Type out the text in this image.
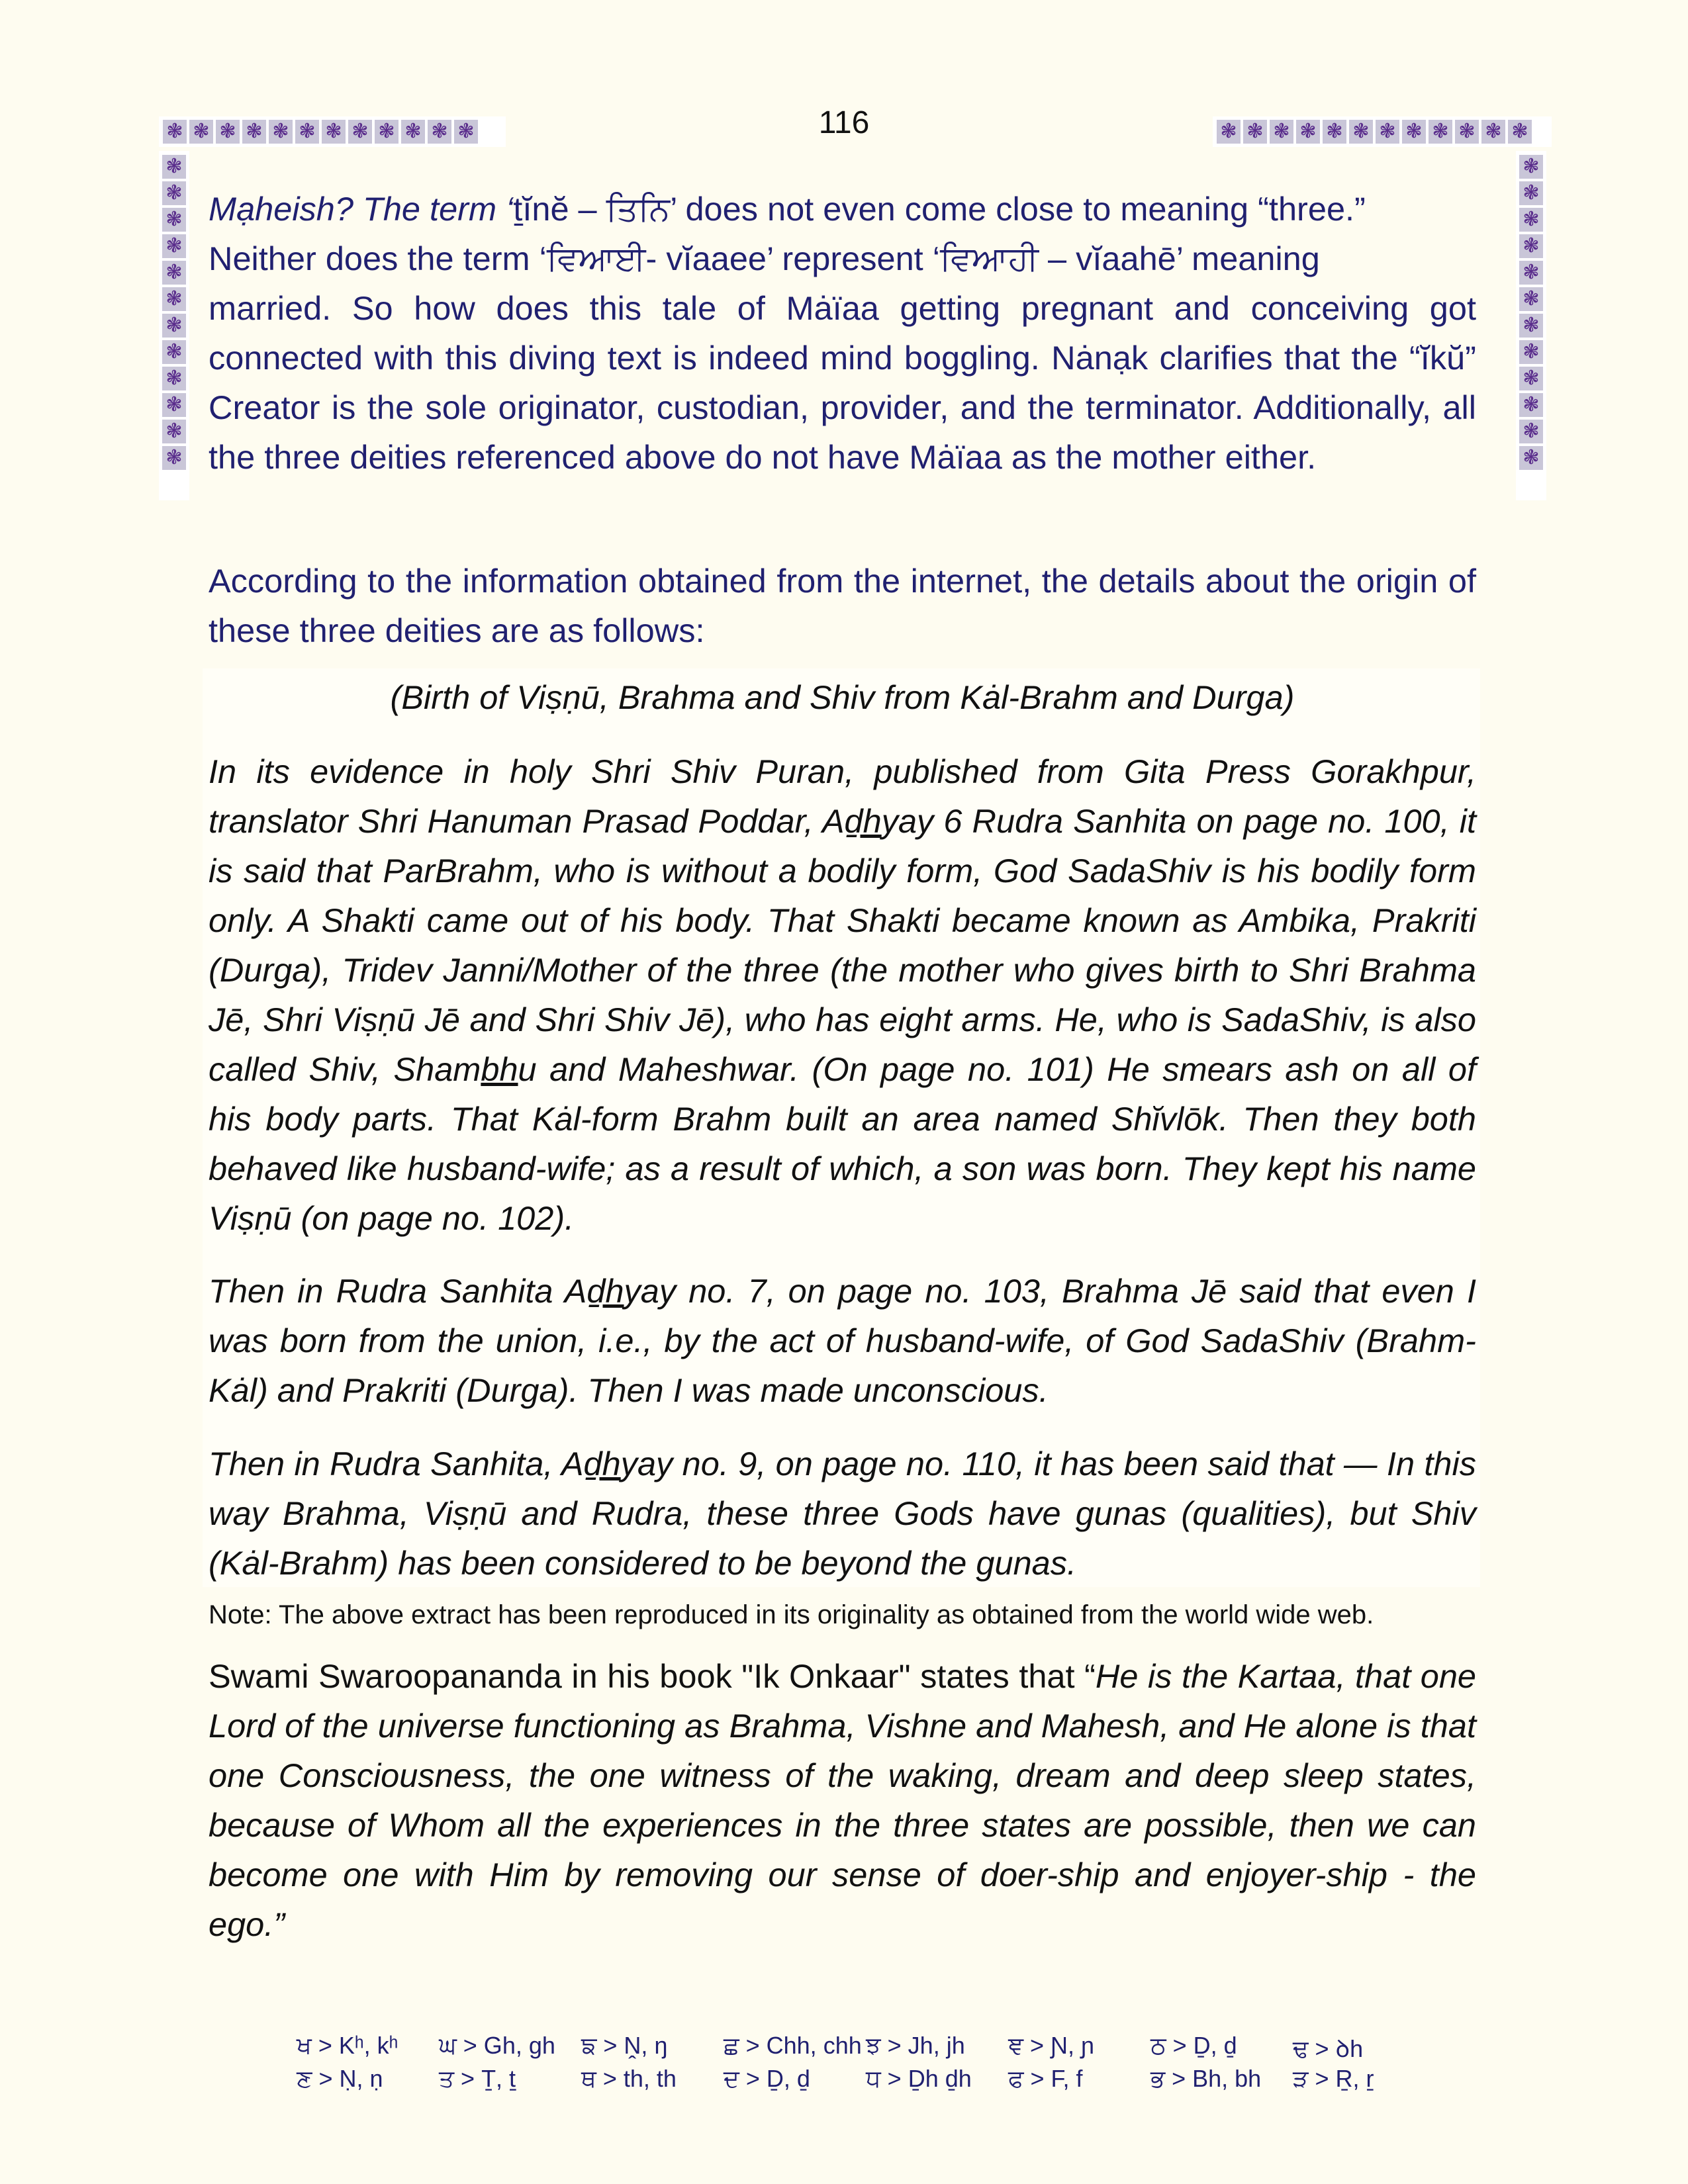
❃ ❃ ❃ ❃ ❃ ❃ ❃ ❃ ❃ ❃ ❃ ❃	❃ ❃ ❃ ❃ ❃ ❃ ❃ ❃ ❃ ❃ ❃ ❃
❃
❃
❃
❃
❃
❃
❃
❃
❃
❃
❃
❃
❃
❃
❃
❃
❃
❃
❃
❃
❃
❃
❃
❃
116
Mạheish? The term ‘ṯĭnĕ – ਤਿਨਿ’ does not even come close to meaning “three.”
Neither does the term ‘ਵਿਆਈ- vĭaaee’ represent ‘ਵਿਆਹੀ – vĭaahē’ meaning
married. So how does this tale of Mȧïaa getting pregnant and conceiving got connected with this diving text is indeed mind boggling. Nȧnạk clarifies that the “ĭkŭ” Creator is the sole originator, custodian, provider, and the terminator. Additionally, all the three deities referenced above do not have Mȧïaa as the mother either.
According to the information obtained from the internet, the details about the origin of these three deities are as follows:
(Birth of Viṣṇū, Brahma and Shiv from Kȧl-Brahm and Durga)
In its evidence in holy Shri Shiv Puran, published from Gita Press Gorakhpur, translator Shri Hanuman Prasad Poddar, Aḏhyay 6 Rudra Sanhita on page no. 100, it is said that ParBrahm, who is without a bodily form, God SadaShiv is his bodily form only. A Shakti came out of his body. That Shakti became known as Ambika, Prakriti (Durga), Tridev Janni/Mother of the three (the mother who gives birth to Shri Brahma Jē, Shri Viṣṇū Jē and Shri Shiv Jē), who has eight arms. He, who is SadaShiv, is also called Shiv, Shambhu and Maheshwar. (On page no. 101) He smears ash on all of his body parts. That Kȧl-form Brahm built an area named Shĭvlōk. Then they both behaved like husband-wife; as a result of which, a son was born. They kept his name Viṣṇū (on page no. 102).
Then in Rudra Sanhita Aḏhyay no. 7, on page no. 103, Brahma Jē said that even I was born from the union, i.e., by the act of husband-wife, of God SadaShiv (Brahm-Kȧl) and Prakriti (Durga). Then I was made unconscious.
Then in Rudra Sanhita, Aḏhyay no. 9, on page no. 110, it has been said that — In this way Brahma, Viṣṇū and Rudra, these three Gods have gunas (qualities), but Shiv (Kȧl-Brahm) has been considered to be beyond the gunas.
Note: The above extract has been reproduced in its originality as obtained from the world wide web.
Swami Swaroopananda in his book "Ik Onkaar" states that “He is the Kartaa, that one Lord of the universe functioning as Brahma, Vishne and Mahesh, and He alone is that one Consciousness, the one witness of the waking, dream and deep sleep states, because of Whom all the experiences in the three states are possible, then we can become one with Him by removing our sense of doer-ship and enjoyer-ship - the ego.”
ਖ > Kʰ, kʰ	ਘ > Gh, gh	ਙ > Ṋ, ŋ	ਛ > Chh, chh ਝ > Jh, jh	ਞ > Ɲ, ɲ	ਠ > Ḏ, ḏ	ਢ > ꝺh
ਣ > Ṇ, ṇ	ਤ > Ṯ, ṯ	ਥ > th, th	ਦ > Ḏ, ḏ	ਧ > Ḏh ḏh	ਫ > F, f	ਭ > Bh, bh	ੜ > Ṟ, ṟ
